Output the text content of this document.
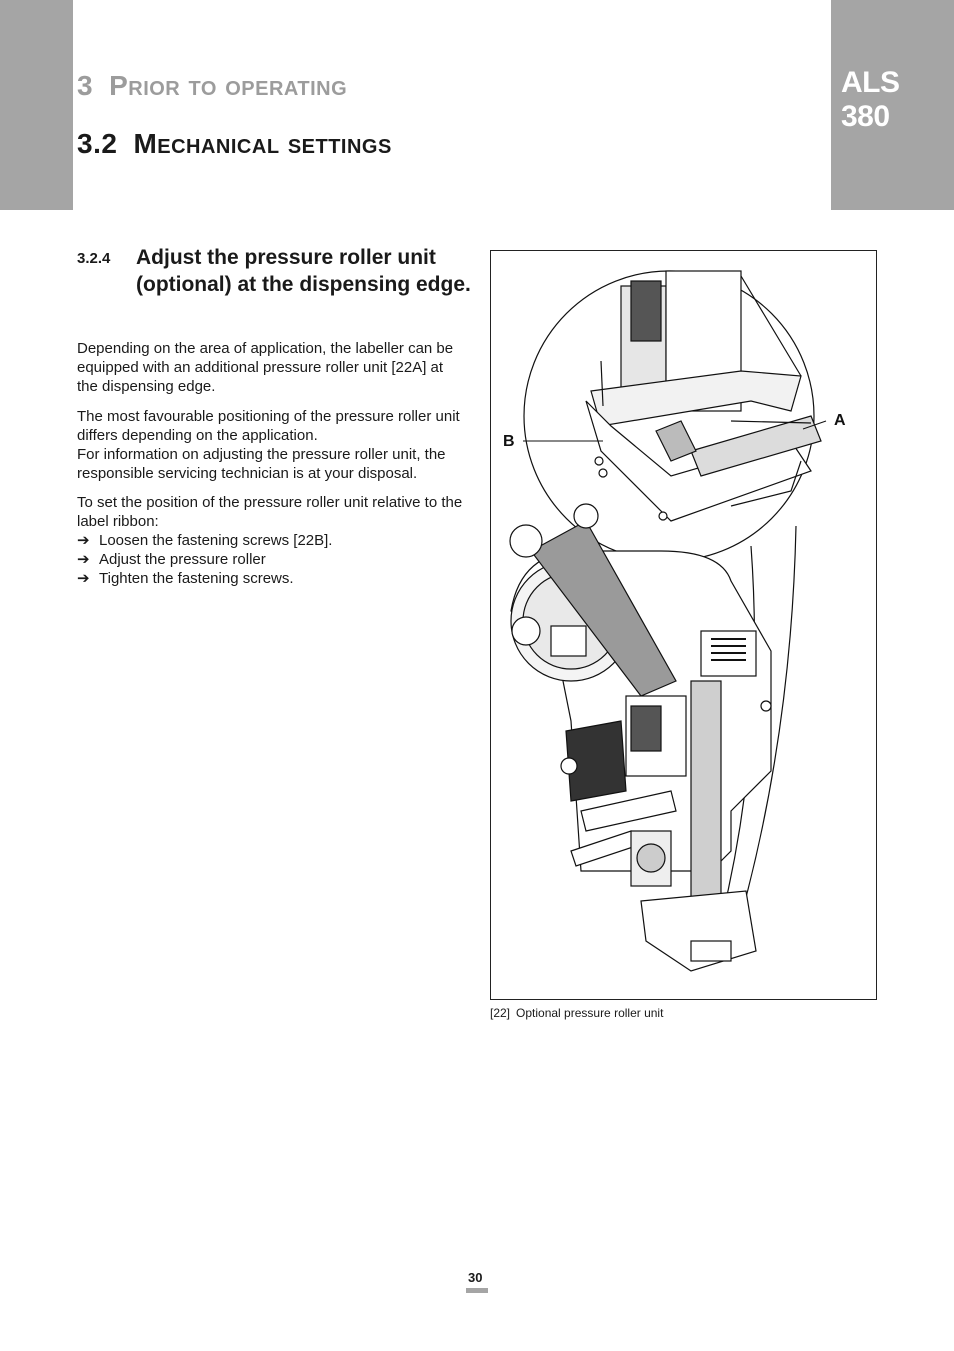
ALS
380
3 Prior to operating
3.2 Mechanical settings
3.2.4 Adjust the pressure roller unit (optional) at the dispensing edge.
Depending on the area of application, the labeller can be equipped with an additional pressure roller unit [22A] at the dispensing edge.
The most favourable positioning of the pressure roller unit differs depending on the application.
For information on adjusting the pressure roller unit, the responsible servicing technician is at your disposal.
To set the position of the pressure roller unit relative to the label ribbon:
➔ Loosen the fastening screws [22B].
➔ Adjust the pressure roller
➔ Tighten the fastening screws.
B
A
[22] Optional pressure roller unit
30
